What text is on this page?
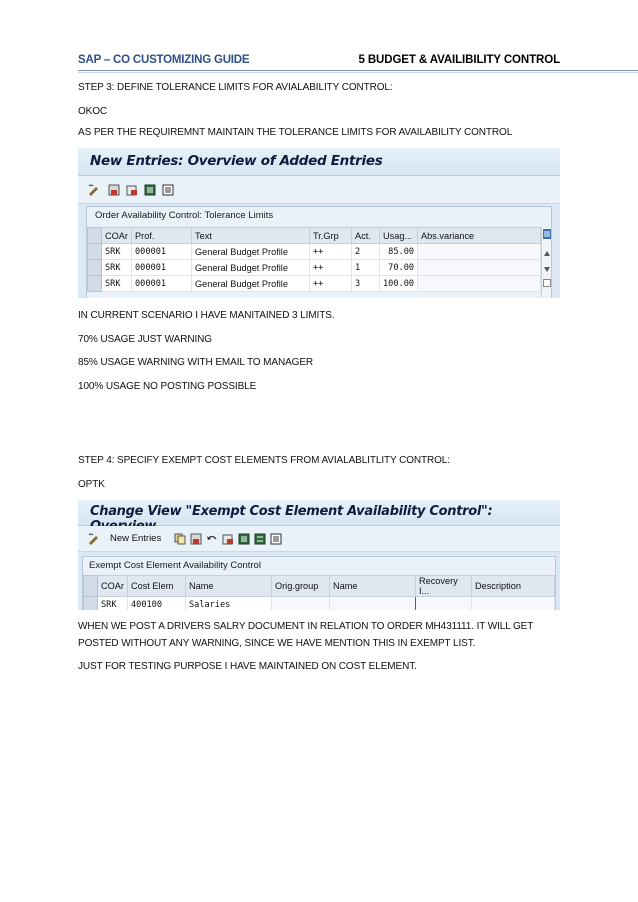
SAP – CO CUSTOMIZING GUIDE	5 BUDGET & AVAILIBILITY CONTROL
STEP 3: DEFINE TOLERANCE LIMITS FOR AVIALABILITY CONTROL:
OKOC
AS PER THE REQUIREMNT MAINTAIN THE TOLERANCE LIMITS FOR AVAILABILITY CONTROL
New Entries: Overview of Added Entries
Order Availability Control: Tolerance Limits
	COAr	Prof.	Text	Tr.Grp	Act.	Usag...	Abs.variance
	SRK	000001	General Budget Profile	++	2	85.00	
	SRK	000001	General Budget Profile	++	1	70.00	
	SRK	000001	General Budget Profile	++	3	100.00	
IN CURRENT SCENARIO I HAVE MANITAINED 3 LIMITS.
70% USAGE JUST WARNING
85% USAGE WARNING WITH EMAIL TO MANAGER
100% USAGE NO POSTING POSSIBLE
STEP 4: SPECIFY EXEMPT COST ELEMENTS FROM AVIALABLITLITY CONTROL:
OPTK
Change View "Exempt Cost Element Availability Control":
New Entries
Exempt Cost Element Availability Control
	COAr	Cost Elem	Name	Orig.group	Name	Recovery I...	Description
	SRK	400100	Salaries				
WHEN WE POST A DRIVERS SALRY DOCUMENT IN RELATION TO ORDER MH431111. IT WILL GET
POSTED WITHOUT ANY WARNING, SINCE WE HAVE MENTION THIS IN EXEMPT LIST.
JUST FOR TESTING PURPOSE I HAVE MAINTAINED ON COST ELEMENT.
